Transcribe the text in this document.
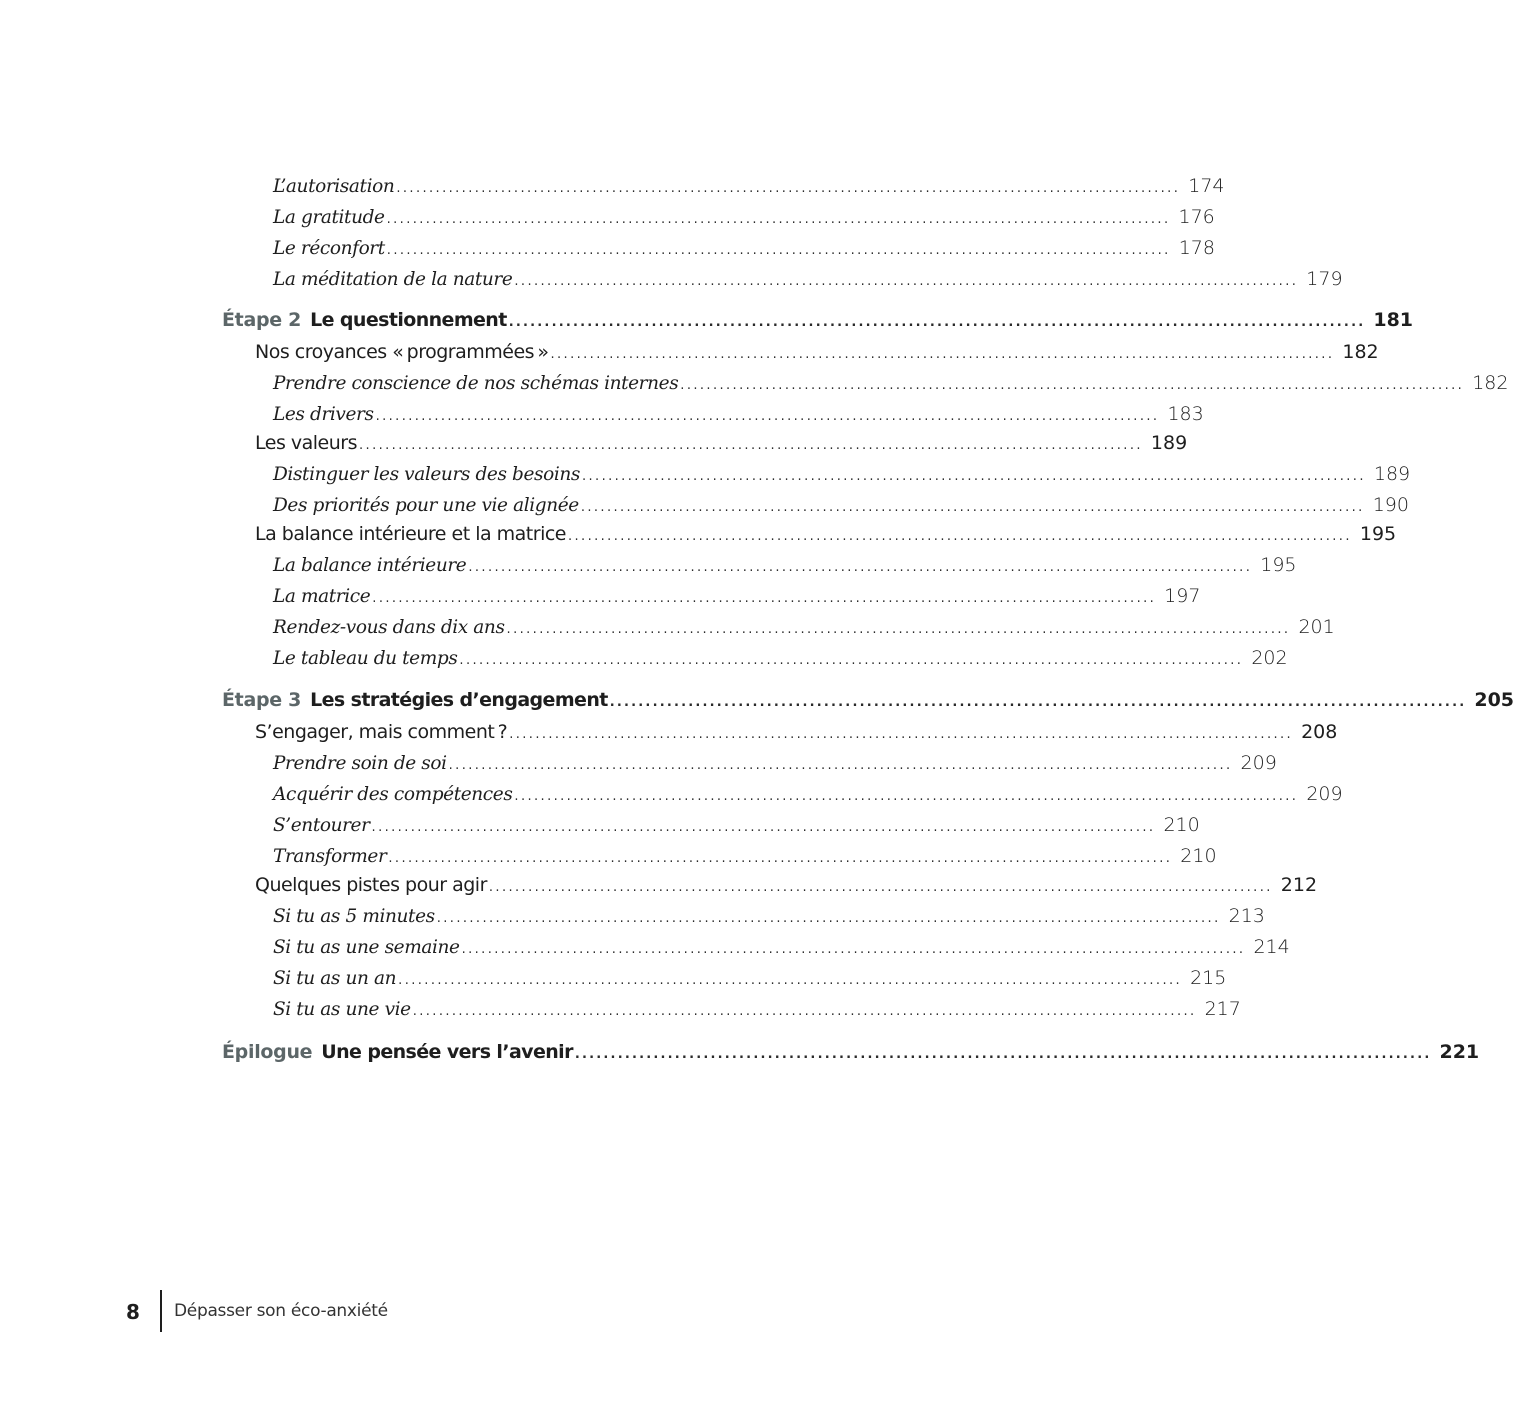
L’autorisation ........................................................................................................................ 174
La gratitude ........................................................................................................................ 176
Le réconfort ........................................................................................................................ 178
La méditation de la nature ........................................................................................................................ 179
Étape 2 Le questionnement ........................................................................................................................ 181
Nos croyances « programmées » ........................................................................................................................ 182
Prendre conscience de nos schémas internes ........................................................................................................................ 182
Les drivers ........................................................................................................................ 183
Les valeurs ........................................................................................................................ 189
Distinguer les valeurs des besoins ........................................................................................................................ 189
Des priorités pour une vie alignée ........................................................................................................................ 190
La balance intérieure et la matrice ........................................................................................................................ 195
La balance intérieure ........................................................................................................................ 195
La matrice ........................................................................................................................ 197
Rendez-vous dans dix ans ........................................................................................................................ 201
Le tableau du temps ........................................................................................................................ 202
Étape 3 Les stratégies d’engagement ........................................................................................................................ 205
S’engager, mais comment ? ........................................................................................................................ 208
Prendre soin de soi ........................................................................................................................ 209
Acquérir des compétences ........................................................................................................................ 209
S’entourer ........................................................................................................................ 210
Transformer ........................................................................................................................ 210
Quelques pistes pour agir ........................................................................................................................ 212
Si tu as 5 minutes ........................................................................................................................ 213
Si tu as une semaine ........................................................................................................................ 214
Si tu as un an ........................................................................................................................ 215
Si tu as une vie ........................................................................................................................ 217
Épilogue Une pensée vers l’avenir ........................................................................................................................ 221
8 Dépasser son éco-anxiété
